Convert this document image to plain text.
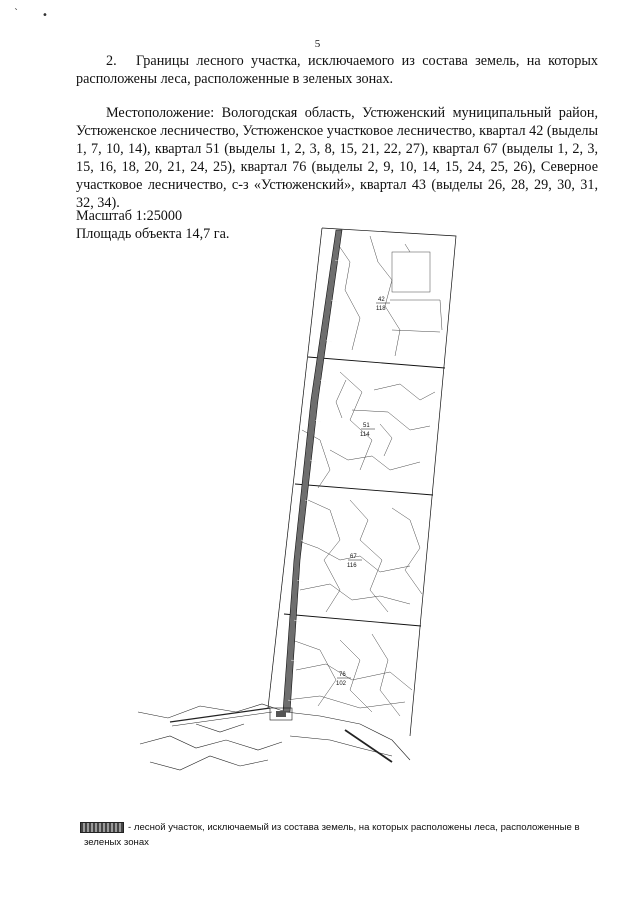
` •
5

2. Границы лесного участка, исключаемого из состава земель, на которых расположены леса, расположенные в зеленых зонах.

Местоположение: Вологодская область, Устюженский муниципальный район, Устюженское лесничество, Устюженское участковое лесничество, квартал 42 (выделы 1, 7, 10, 14), квартал 51 (выделы 1, 2, 3, 8, 15, 21, 22, 27), квартал 67 (выделы 1, 2, 3, 15, 16, 18, 20, 21, 24, 25), квартал 76 (выделы 2, 9, 10, 14, 15, 24, 25, 26), Северное участковое лесничество, с-з «Устюженский», квартал 43 (выделы 26, 28, 29, 30, 31, 32, 34).

Масштаб 1:25000

Площадь объекта 14,7 га.

42
118
51
114
67
116
76
102

- лесной участок, исключаемый из состава земель, на которых расположены леса, расположенные в зеленых зонах
